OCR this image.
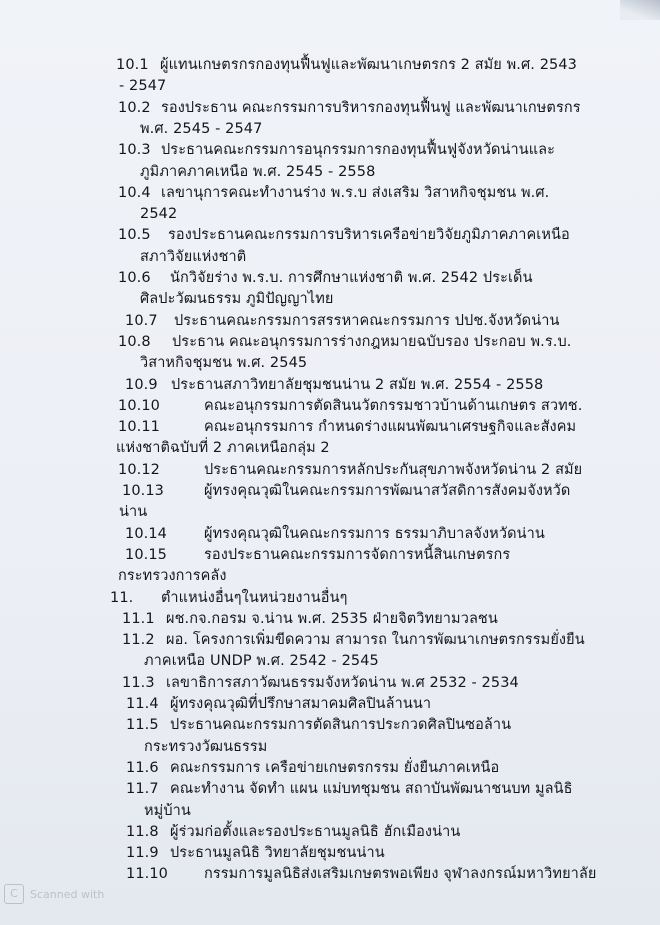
10.1 ผู้แทนเกษตรกรกองทุนฟื้นฟูและพัฒนาเกษตรกร 2 สมัย พ.ศ. 2543
- 2547
10.2 รองประธาน คณะกรรมการบริหารกองทุนฟื้นฟู และพัฒนาเกษตรกร
พ.ศ. 2545 - 2547
10.3 ประธานคณะกรรมการอนุกรรมการกองทุนฟื้นฟูจังหวัดน่านและ
ภูมิภาคภาคเหนือ พ.ศ. 2545 - 2558
10.4 เลขานุการคณะทำงานร่าง พ.ร.บ ส่งเสริม วิสาหกิจชุมชน พ.ศ.
2542
10.5 รองประธานคณะกรรมการบริหารเครือข่ายวิจัยภูมิภาคภาคเหนือ
สภาวิจัยแห่งชาติ
10.6 นักวิจัยร่าง พ.ร.บ. การศึกษาแห่งชาติ พ.ศ. 2542 ประเด็น
ศิลปะวัฒนธรรม ภูมิปัญญาไทย
10.7 ประธานคณะกรรมการสรรหาคณะกรรมการ ปปช.จังหวัดน่าน
10.8 ประธาน คณะอนุกรรมการร่างกฎหมายฉบับรอง ประกอบ พ.ร.บ.
วิสาหกิจชุมชน พ.ศ. 2545
10.9 ประธานสภาวิทยาลัยชุมชนน่าน 2 สมัย พ.ศ. 2554 - 2558
10.10	คณะอนุกรรมการตัดสินนวัตกรรมชาวบ้านด้านเกษตร สวทช.
10.11	คณะอนุกรรมการ กำหนดร่างแผนพัฒนาเศรษฐกิจและสังคม
แห่งชาติฉบับที่ 2 ภาคเหนือกลุ่ม 2
10.12	ประธานคณะกรรมการหลักประกันสุขภาพจังหวัดน่าน 2 สมัย
10.13	ผู้ทรงคุณวุฒิในคณะกรรมการพัฒนาสวัสดิการสังคมจังหวัด
น่าน
10.14	ผู้ทรงคุณวุฒิในคณะกรรมการ ธรรมาภิบาลจังหวัดน่าน
10.15	รองประธานคณะกรรมการจัดการหนี้สินเกษตรกร
กระทรวงการคลัง
11. ตำแหน่งอื่นๆในหน่วยงานอื่นๆ
11.1 ผช.กจ.กอรม จ.น่าน พ.ศ. 2535 ฝ่ายจิตวิทยามวลชน
11.2 ผอ. โครงการเพิ่มขีดความ สามารถ ในการพัฒนาเกษตรกรรมยั่งยืน
ภาคเหนือ UNDP พ.ศ. 2542 - 2545
11.3 เลขาธิการสภาวัฒนธรรมจังหวัดน่าน พ.ศ 2532 - 2534
11.4 ผู้ทรงคุณวุฒิที่ปรึกษาสมาคมศิลปินล้านนา
11.5 ประธานคณะกรรมการตัดสินการประกวดศิลปินซอล้าน
กระทรวงวัฒนธรรม
11.6 คณะกรรมการ เครือข่ายเกษตรกรรม ยั่งยืนภาคเหนือ
11.7 คณะทำงาน จัดทำ แผน แม่บทชุมชน สถาบันพัฒนาชนบท มูลนิธิ
หมู่บ้าน
11.8 ผู้ร่วมก่อตั้งและรองประธานมูลนิธิ ฮักเมืองน่าน
11.9 ประธานมูลนิธิ วิทยาลัยชุมชนน่าน
11.10 กรรมการมูลนิธิส่งเสริมเกษตรพอเพียง จุฬาลงกรณ์มหาวิทยาลัย
C	Scanned with
